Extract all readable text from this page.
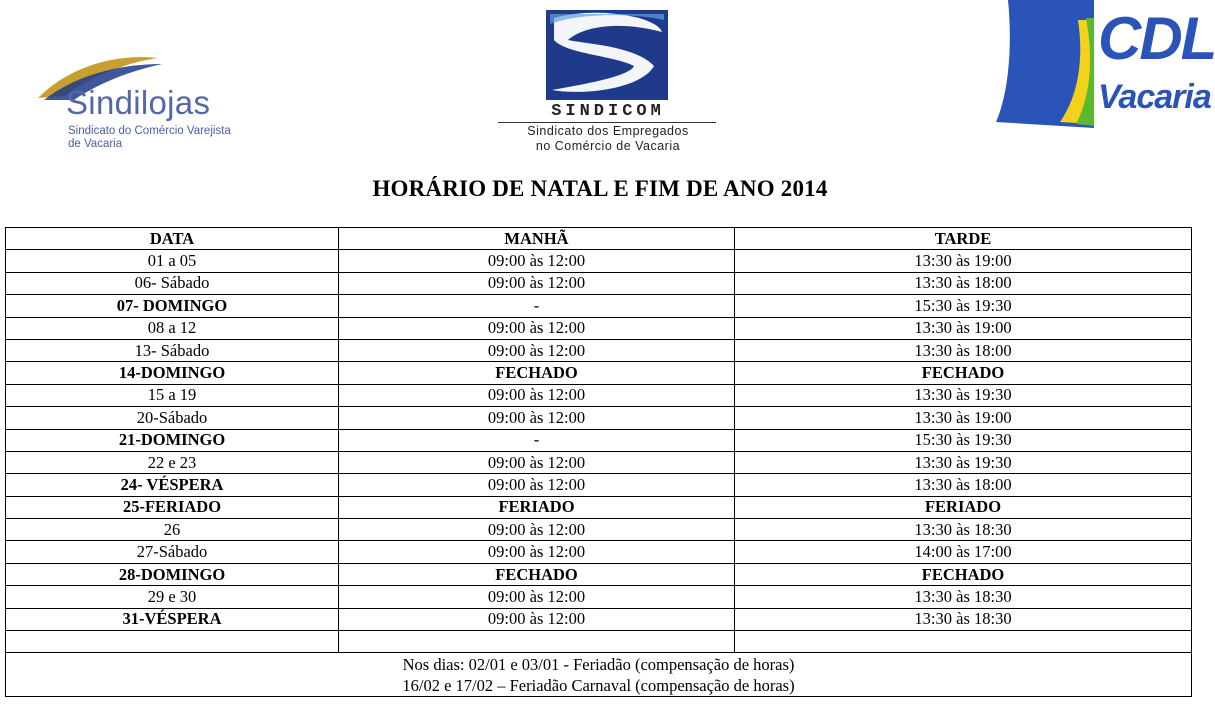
Sindilojas
Sindicato do Comércio Varejista
de Vacaria
SINDICOM
Sindicato dos Empregados
no Comércio de Vacaria
CDL
Vacaria
HORÁRIO DE NATAL E FIM DE ANO 2014
DATA	MANHÃ	TARDE
01 a 05	09:00 às 12:00	13:30 às 19:00
06- Sábado	09:00 às 12:00	13:30 às 18:00
07- DOMINGO	-	15:30 às 19:30
08 a 12	09:00 às 12:00	13:30 às 19:00
13- Sábado	09:00 às 12:00	13:30 às 18:00
14-DOMINGO	FECHADO	FECHADO
15 a 19	09:00 às 12:00	13:30 às 19:30
20-Sábado	09:00 às 12:00	13:30 às 19:00
21-DOMINGO	-	15:30 às 19:30
22 e 23	09:00 às 12:00	13:30 às 19:30
24- VÉSPERA	09:00 às 12:00	13:30 às 18:00
25-FERIADO	FERIADO	FERIADO
26	09:00 às 12:00	13:30 às 18:30
27-Sábado	09:00 às 12:00	14:00 às 17:00
28-DOMINGO	FECHADO	FECHADO
29 e 30	09:00 às 12:00	13:30 às 18:30
31-VÉSPERA	09:00 às 12:00	13:30 às 18:30

Nos dias: 02/01 e 03/01 - Feriadão (compensação de horas)
16/02 e 17/02 – Feriadão Carnaval (compensação de horas)		
